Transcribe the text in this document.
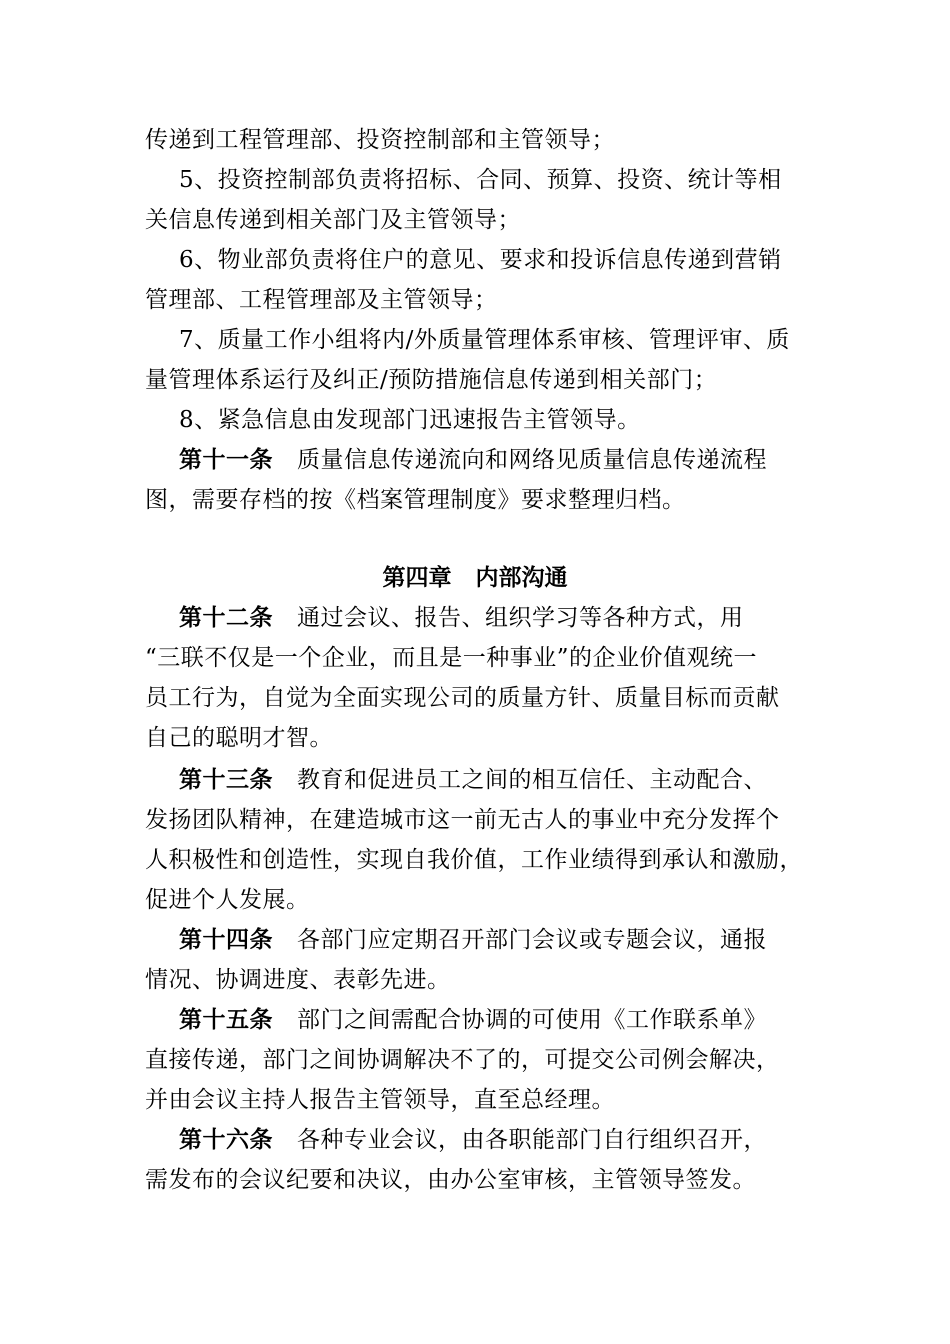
传递到工程管理部、投资控制部和主管领导；
5、投资控制部负责将招标、合同、预算、投资、统计等相
关信息传递到相关部门及主管领导；
6、物业部负责将住户的意见、要求和投诉信息传递到营销
管理部、工程管理部及主管领导；
7、质量工作小组将内/外质量管理体系审核、管理评审、质
量管理体系运行及纠正/预防措施信息传递到相关部门；
8、紧急信息由发现部门迅速报告主管领导。
第十一条 质量信息传递流向和网络见质量信息传递流程
图，需要存档的按《档案管理制度》要求整理归档。
第四章 内部沟通
第十二条 通过会议、报告、组织学习等各种方式，用
“三联不仅是一个企业，而且是一种事业”的企业价值观统一
员工行为，自觉为全面实现公司的质量方针、质量目标而贡献
自己的聪明才智。
第十三条 教育和促进员工之间的相互信任、主动配合、
发扬团队精神，在建造城市这一前无古人的事业中充分发挥个
人积极性和创造性，实现自我价值，工作业绩得到承认和激励，
促进个人发展。
第十四条 各部门应定期召开部门会议或专题会议，通报
情况、协调进度、表彰先进。
第十五条 部门之间需配合协调的可使用《工作联系单》
直接传递，部门之间协调解决不了的，可提交公司例会解决，
并由会议主持人报告主管领导，直至总经理。
第十六条 各种专业会议，由各职能部门自行组织召开，
需发布的会议纪要和决议，由办公室审核，主管领导签发。
